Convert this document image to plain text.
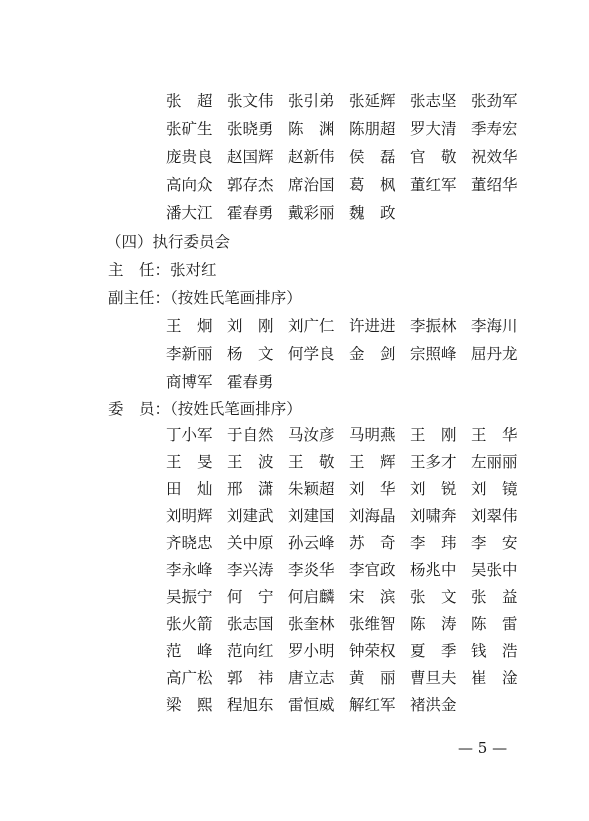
张　超 张文伟 张引弟 张延辉 张志坚 张劲军
张矿生 张晓勇 陈　渊 陈朋超 罗大清 季寿宏
庞贵良 赵国辉 赵新伟 侯　磊 官　敬 祝效华
高向众 郭存杰 席治国 葛　枫 董红军 董绍华
潘大江 霍春勇 戴彩丽 魏　政
（四）执行委员会
主　任：张对红
副主任：（按姓氏笔画排序）
王　炯 刘　刚 刘广仁 许进进 李振林 李海川
李新丽 杨　文 何学良 金　剑 宗照峰 屈丹龙
商博军 霍春勇
委　员：（按姓氏笔画排序）
丁小军 于自然 马汝彦 马明燕 王　刚 王　华
王　旻 王　波 王　敬 王　辉 王多才 左丽丽
田　灿 邢　潇 朱颖超 刘　华 刘　锐 刘　镜
刘明辉 刘建武 刘建国 刘海晶 刘啸奔 刘翠伟
齐晓忠 关中原 孙云峰 苏　奇 李　玮 李　安
李永峰 李兴涛 李炎华 李官政 杨兆中 吴张中
吴振宁 何　宁 何启麟 宋　滨 张　文 张　益
张火箭 张志国 张奎林 张维智 陈　涛 陈　雷
范　峰 范向红 罗小明 钟荣权 夏　季 钱　浩
高广松 郭　祎 唐立志 黄　丽 曹旦夫 崔　淦
梁　熙 程旭东 雷恒威 解红军 褚洪金
— 5 —
